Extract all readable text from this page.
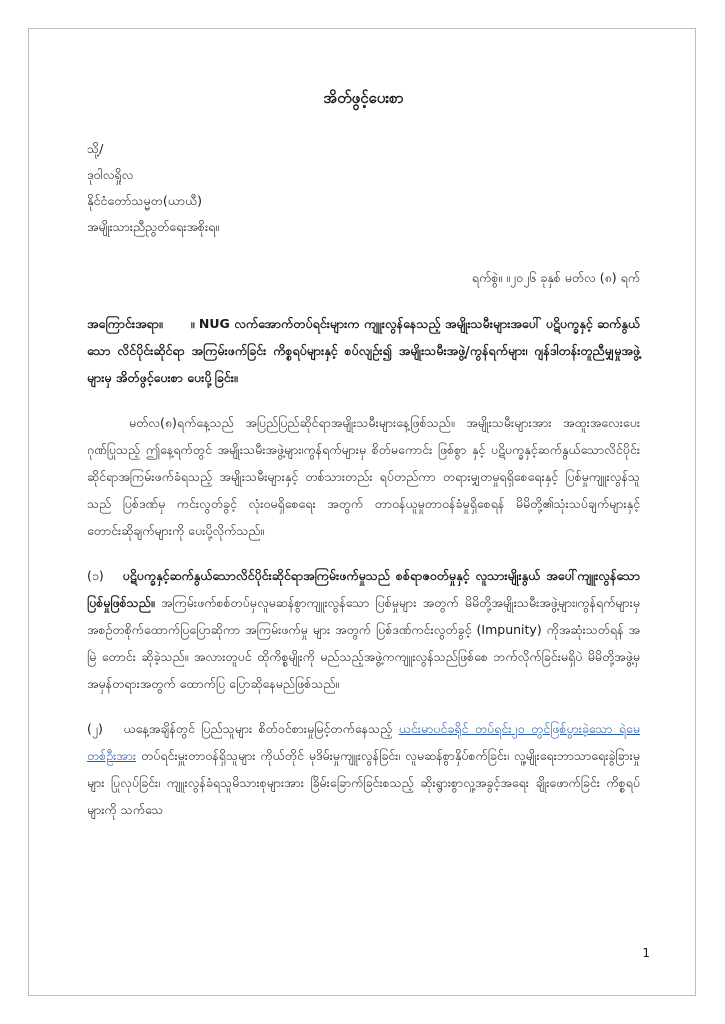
အိတ်ဖွင့်ပေးစာ

သို့/

ဒုဝါလရှိုလ

နိုင်ငံတော်သမ္မတ(ယာယီ)

အမျိုးသားညီညွတ်ရေးအစိုးရ။

ရက်စွဲ။ ။၂၀၂၆ ခုနှစ် မတ်လ (၈) ရက်

အကြောင်းအရာ။ ။ NUG လက်အောက်တပ်ရင်းများက ကျူးလွန်နေသည့် အမျိုးသမီးများအပေါ် ပဋိပက္ခနှင့် ဆက်နွယ်သော လိင်ပိုင်းဆိုင်ရာ အကြမ်းဖက်ခြင်း ကိစ္စရပ်များနှင့် စပ်လျဉ်း၍ အမျိုးသမီးအဖွဲ့/ကွန်ရက်များ၊ ဂျန်ဒါတန်းတူညီမျှမှုအဖွဲ့များမှ အိတ်ဖွင့်ပေးစာ ပေးပို့ခြင်း။

မတ်လ(၈)ရက်နေ့သည် အပြည်ပြည်ဆိုင်ရာအမျိုးသမီးများနေ့ဖြစ်သည်။ အမျိုးသမီးများအား အထူးအလေးပေး ဂုဏ်ပြုသည့် ဤနေ့ရက်တွင် အမျိုးသမီးအဖွဲ့များ၊ကွန်ရက်များမှ စိတ်မကောင်း ဖြစ်စွာ နှင့် ပဋိပက္ခနှင့်ဆက်နွယ်သောလိင်ပိုင်းဆိုင်ရာအကြမ်းဖက်ခံရသည့် အမျိုးသမီးများနှင့် တစ်သားတည်း ရပ်တည်ကာ တရားမျှတမှုရရှိစေရေးနှင့် ပြစ်မှုကျူးလွန်သူသည် ပြစ်ဒဏ်မှ ကင်းလွတ်ခွင့် လုံးဝမရှိစေရေး အတွက် တာဝန်ယူမှုတာဝန်ခံမှုရှိစေရန် မိမိတို့၏သုံးသပ်ချက်များနှင့် တောင်းဆိုချက်များကို ပေးပို့လိုက်သည်။

(၁) ပဋိပက္ခနှင့်ဆက်နွယ်သောလိင်ပိုင်းဆိုင်ရာအကြမ်းဖက်မှုသည် စစ်ရာဇဝတ်မှုနှင့် လူသားမျိုးနွယ် အပေါ်ကျူးလွန်သောပြစ်မှုဖြစ်သည်။ အကြမ်းဖက်စစ်တပ်မှလူမဆန်စွာကျူးလွန်သော ပြစ်မှုများ အတွက် မိမိတို့အမျိုးသမီးအဖွဲ့များ၊ကွန်ရက်များမှ အစဉ်တစိုက်ထောက်ပြပြောဆိုကာ အကြမ်းဖက်မှု များ အတွက် ပြစ်ဒဏ်ကင်းလွတ်ခွင့် (Impunity) ကိုအဆုံးသတ်ရန် အမြဲ တောင်း ဆိုခဲ့သည်။ အလားတူပင် ထိုကိစ္စမျိုးကို မည်သည့်အဖွဲ့ကကျူးလွန်သည်ဖြစ်စေ ဘက်လိုက်ခြင်းမရှိပဲ မိမိတို့အဖွဲ့မှ အမှန်တရားအတွက် ထောက်ပြ ပြောဆိုနေမည်ဖြစ်သည်။

(၂) ယနေ့အချိန်တွင် ပြည်သူများ စိတ်ဝင်စားမှုမြင့်တက်နေသည့် ယင်းမာပင်ခရိုင် တပ်ရင်း၂၀ တွင်ဖြစ်ပွားခဲ့သော ရဲမေတစ်ဦးအား တပ်ရင်းမှူးတာဝန်ရှိသူများ ကိုယ်တိုင် မုဒိမ်းမှုကျူးလွန်ခြင်း၊ လူမဆန်စွာနှိပ်စက်ခြင်း၊ လူ့မျိုးရေးဘာသာရေးခွဲခြားမှုများ ပြုလုပ်ခြင်း၊ ကျူးလွန်ခံရသူမိသားစုများအား ခြိမ်းခြောက်ခြင်းစသည့် ဆိုးရွားစွာလူ့အခွင့်အရေး ချိုးဖောက်ခြင်း ကိစ္စရပ်များကို သက်သေ

1
